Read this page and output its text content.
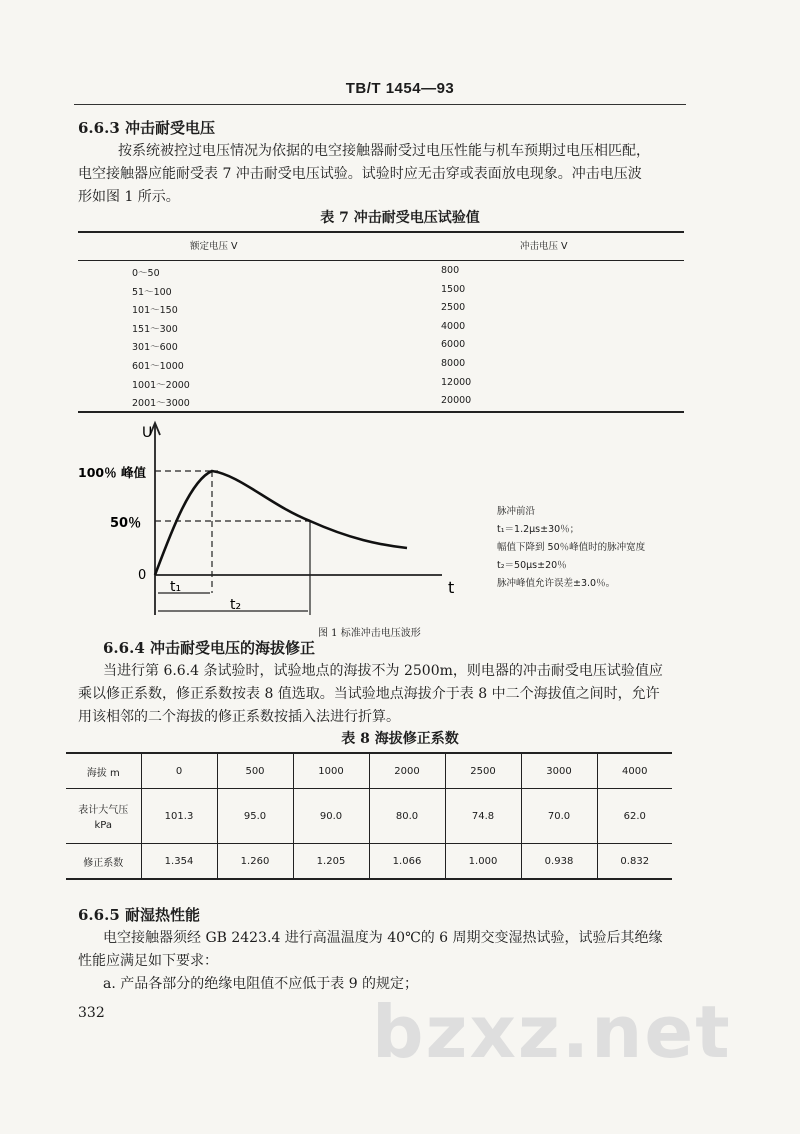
TB/T 1454—93
6.6.3 冲击耐受电压
按系统被控过电压情况为依据的电空接触器耐受过电压性能与机车预期过电压相匹配，
电空接触器应能耐受表 7 冲击耐受电压试验。试验时应无击穿或表面放电现象。冲击电压波
形如图 1 所示。
表 7 冲击耐受电压试验值
额定电压 V	冲击电压 V
0～50	800
51～100	1500
101～150	2500
151～300	4000
301～600	6000
601～1000	8000
1001～2000	12000
2001～3000	20000
U
t
0
100％ 峰值
50％
t₁
t₂
脉冲前沿
t₁＝1.2μs±30％；
幅值下降到 50％峰值时的脉冲宽度
t₂＝50μs±20％
脉冲峰值允许误差±3.0％。
图 1 标准冲击电压波形
6.6.4 冲击耐受电压的海拔修正
当进行第 6.6.4 条试验时，试验地点的海拔不为 2500m，则电器的冲击耐受电压试验值应
乘以修正系数，修正系数按表 8 值选取。当试验地点海拔介于表 8 中二个海拔值之间时，允许
用该相邻的二个海拔的修正系数按插入法进行折算。
表 8 海拔修正系数
海拔 m	0	500	1000	2000	2500	3000	4000

表计大气压
kPa	101.3	95.0	90.0	80.0	74.8	70.0	62.0
修正系数	1.354	1.260	1.205	1.066	1.000	0.938	0.832
6.6.5 耐湿热性能
电空接触器须经 GB 2423.4 进行高温温度为 40℃的 6 周期交变湿热试验，试验后其绝缘
性能应满足如下要求：
a. 产品各部分的绝缘电阻值不应低于表 9 的规定；
332	bzxz.net
